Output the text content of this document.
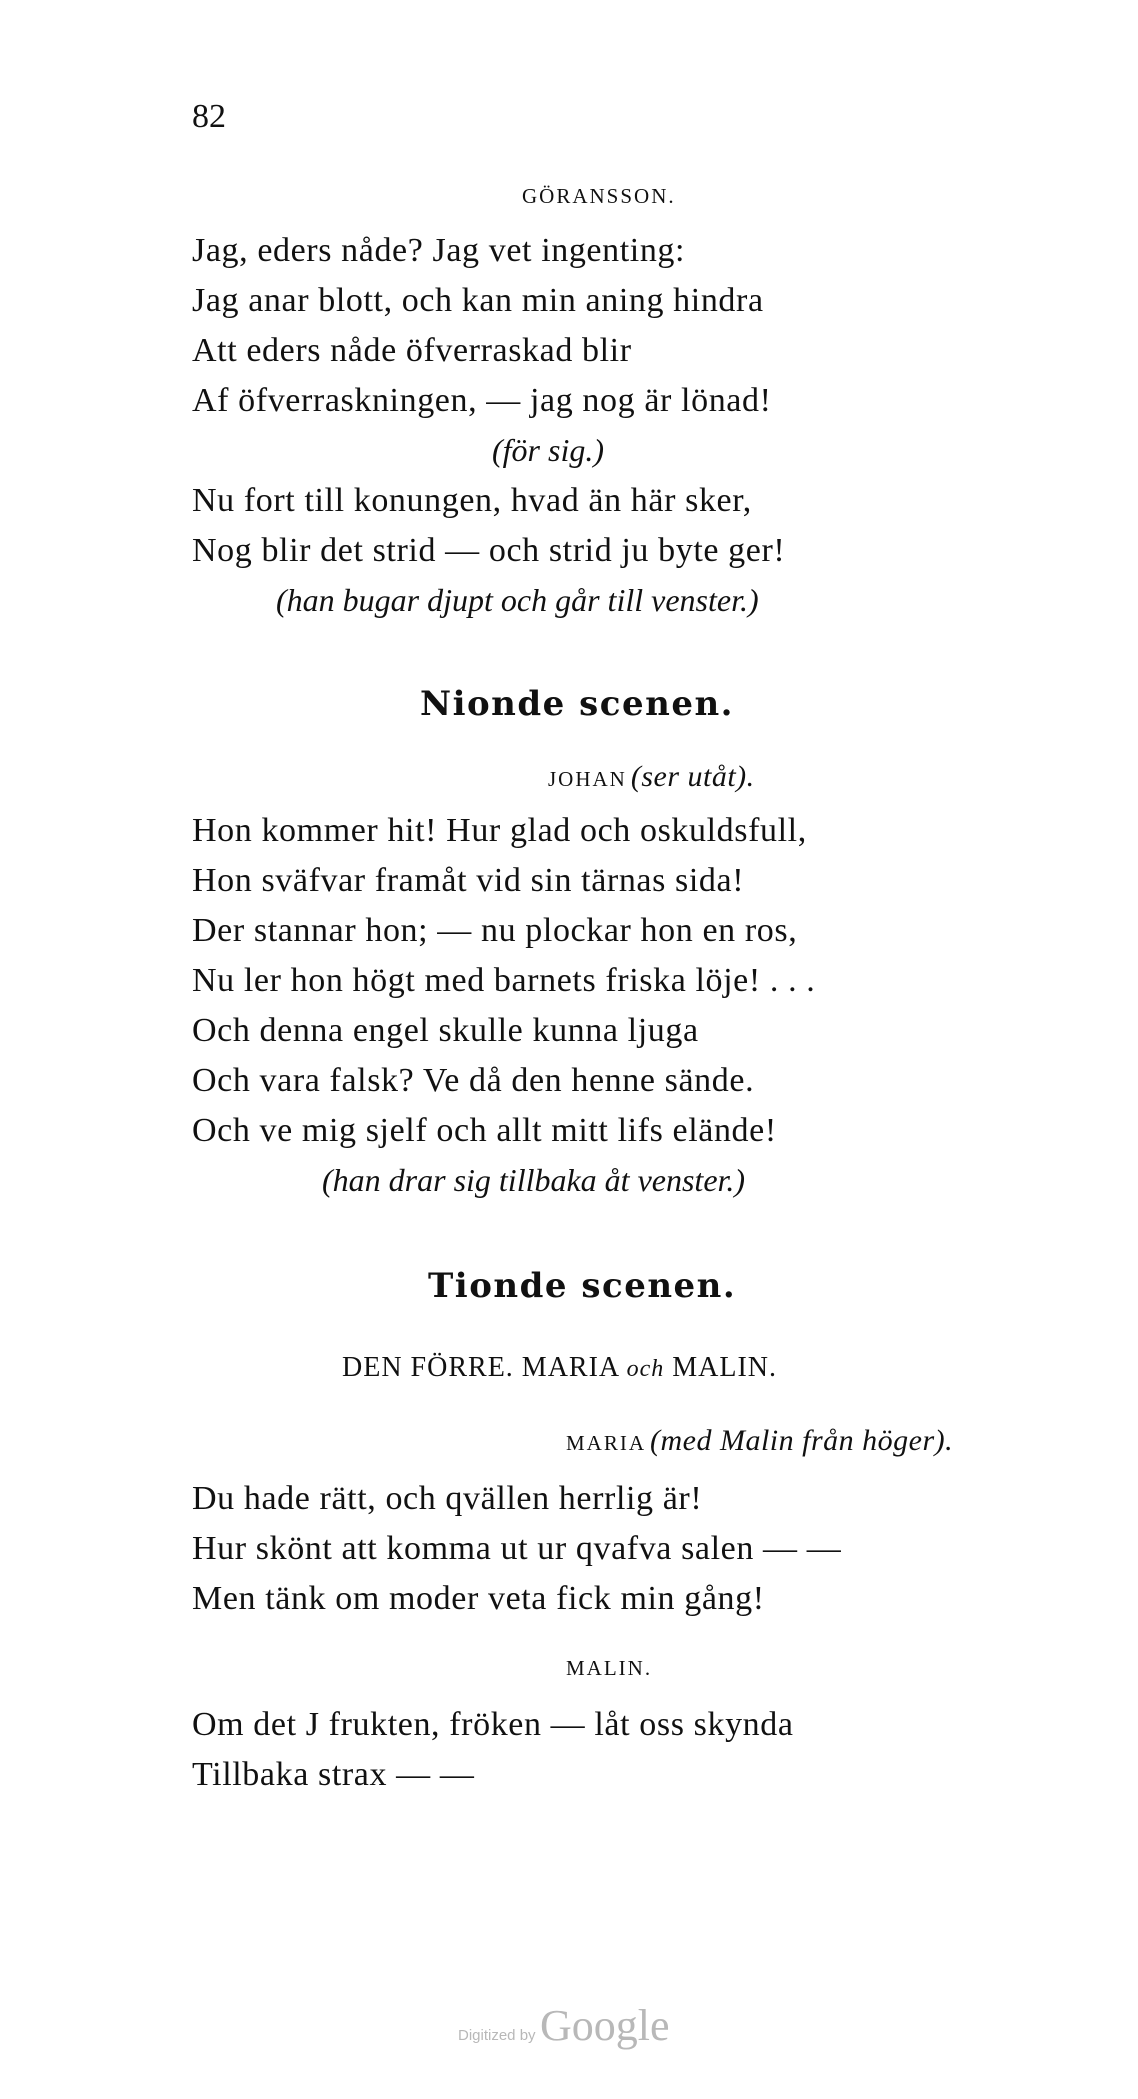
82
GÖRANSSON.
Jag, eders nåde? Jag vet ingenting:
Jag anar blott, och kan min aning hindra
Att eders nåde öfverraskad blir
Af öfverraskningen, — jag nog är lönad!
(för sig.)
Nu fort till konungen, hvad än här sker,
Nog blir det strid — och strid ju byte ger!
(han bugar djupt och går till venster.)
Nionde scenen.
JOHAN (ser utåt).
Hon kommer hit! Hur glad och oskuldsfull,
Hon sväfvar framåt vid sin tärnas sida!
Der stannar hon; — nu plockar hon en ros,
Nu ler hon högt med barnets friska löje! . . .
Och denna engel skulle kunna ljuga
Och vara falsk? Ve då den henne sände.
Och ve mig sjelf och allt mitt lifs elände!
(han drar sig tillbaka åt venster.)
Tionde scenen.
DEN FÖRRE. MARIA och MALIN.
MARIA (med Malin från höger).
Du hade rätt, och qvällen herrlig är!
Hur skönt att komma ut ur qvafva salen — —
Men tänk om moder veta fick min gång!
MALIN.
Om det J frukten, fröken — låt oss skynda
Tillbaka strax — —
Digitized by Google
